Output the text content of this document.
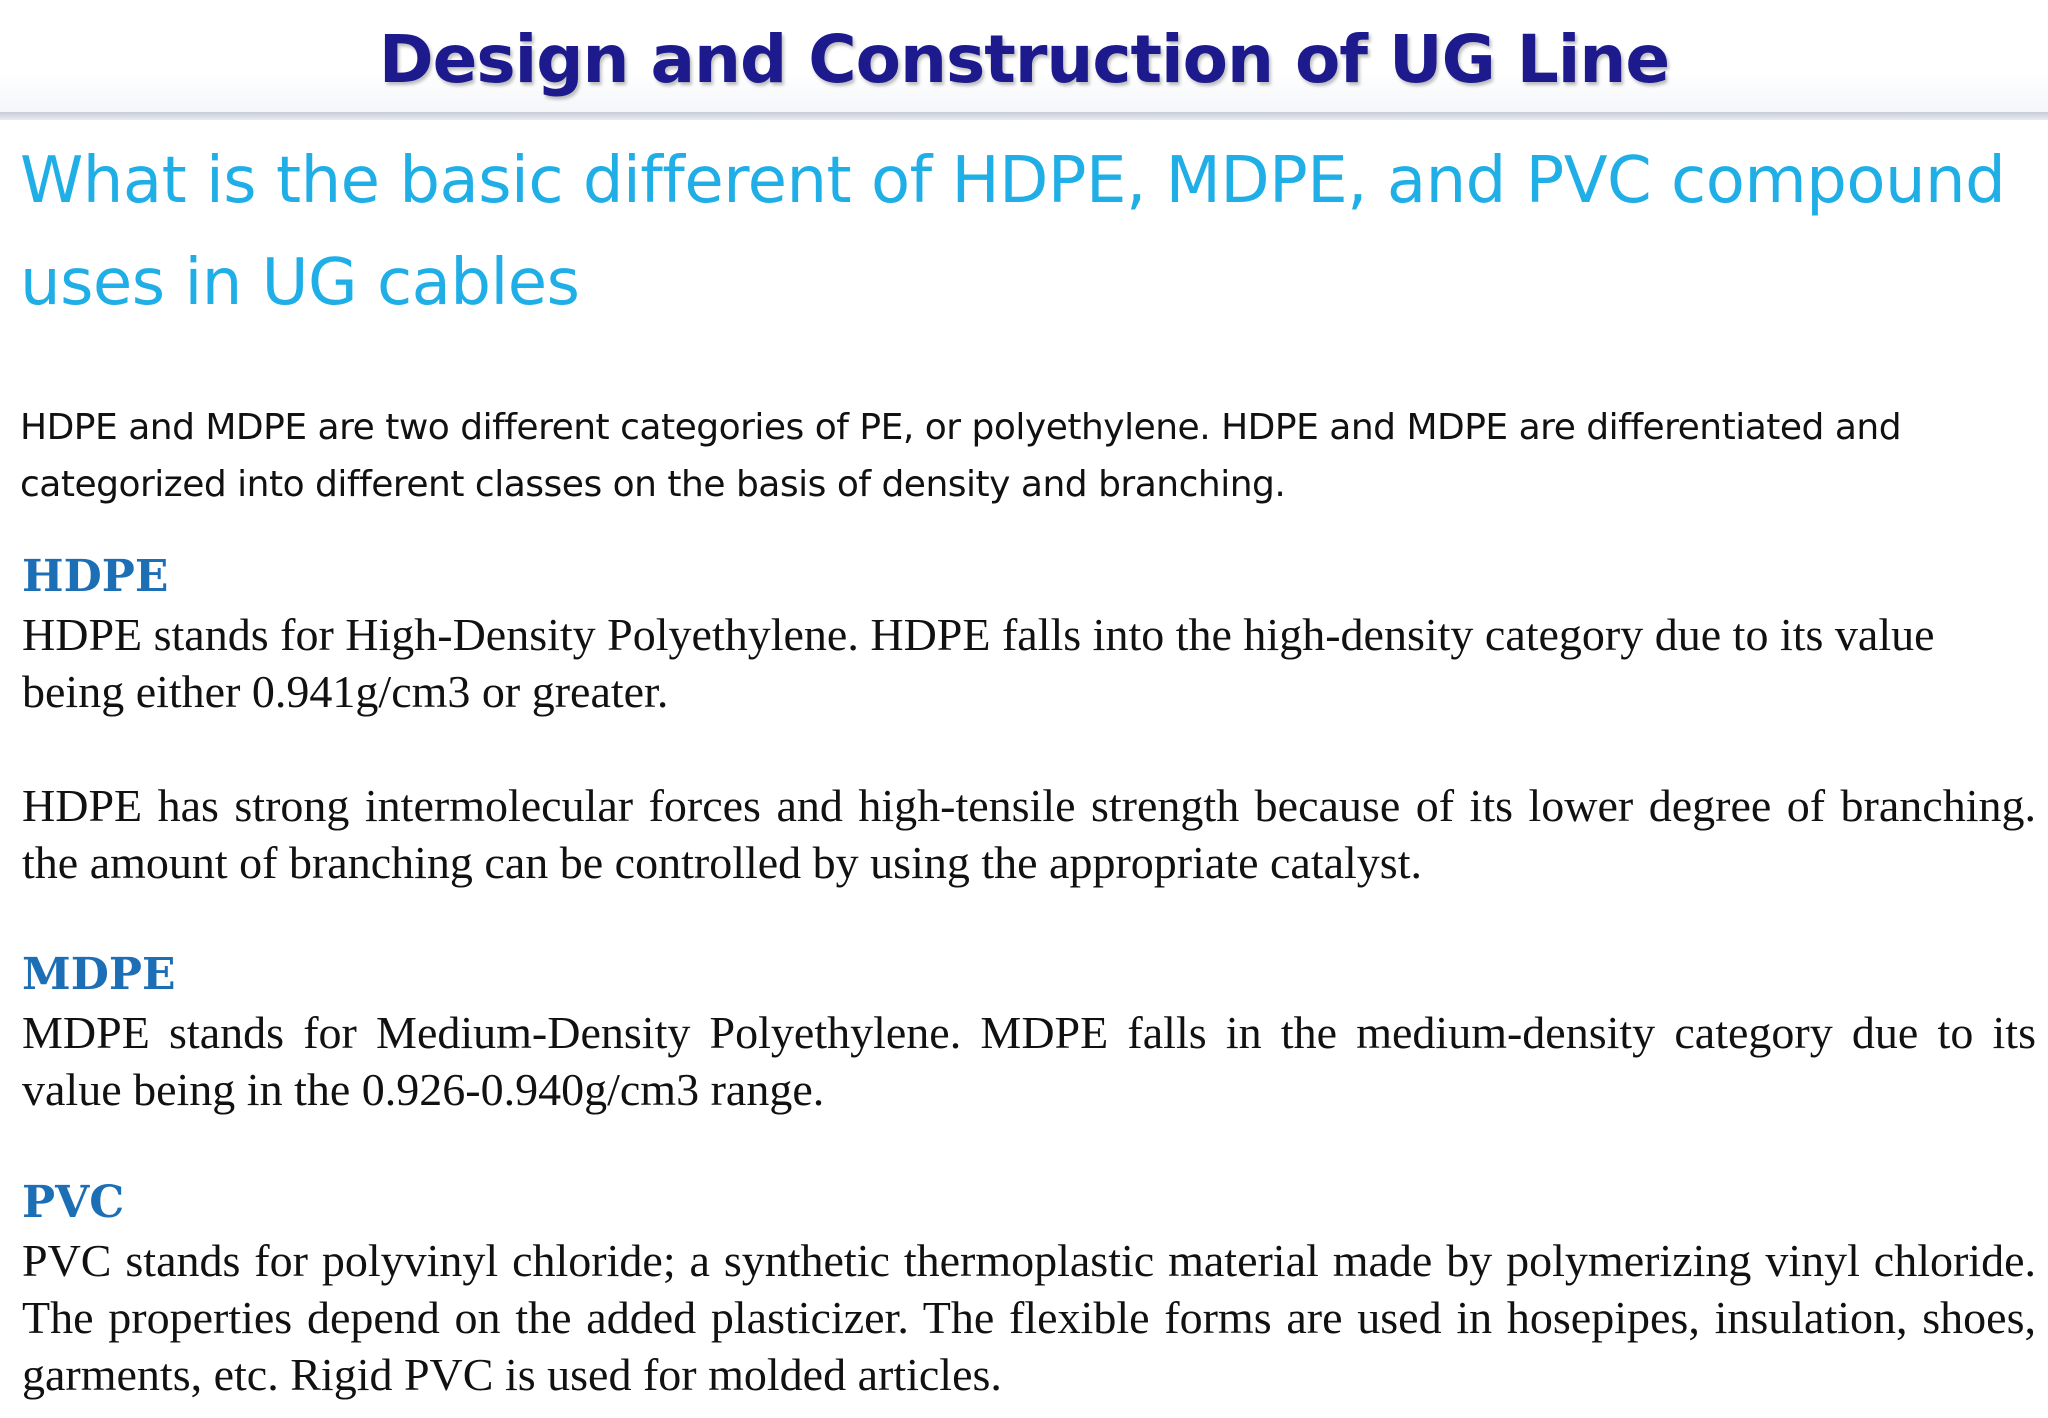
Design and Construction of UG Line
What is the basic different of HDPE, MDPE, and PVC compound uses in UG cables

HDPE and MDPE are two different categories of PE, or polyethylene. HDPE and MDPE are differentiated and categorized into different classes on the basis of density and branching.

HDPE

HDPE stands for High-Density Polyethylene. HDPE falls into the high-density category due to its value being either 0.941g/cm3 or greater.

HDPE has strong intermolecular forces and high-tensile strength because of its lower degree of branching. the amount of branching can be controlled by using the appropriate catalyst.

MDPE

MDPE stands for Medium-Density Polyethylene. MDPE falls in the medium-density category due to its value being in the 0.926-0.940g/cm3 range.

PVC

PVC stands for polyvinyl chloride; a synthetic thermoplastic material made by polymerizing vinyl chloride. The properties depend on the added plasticizer. The flexible forms are used in hosepipes, insulation, shoes, garments, etc. Rigid PVC is used for molded articles.
